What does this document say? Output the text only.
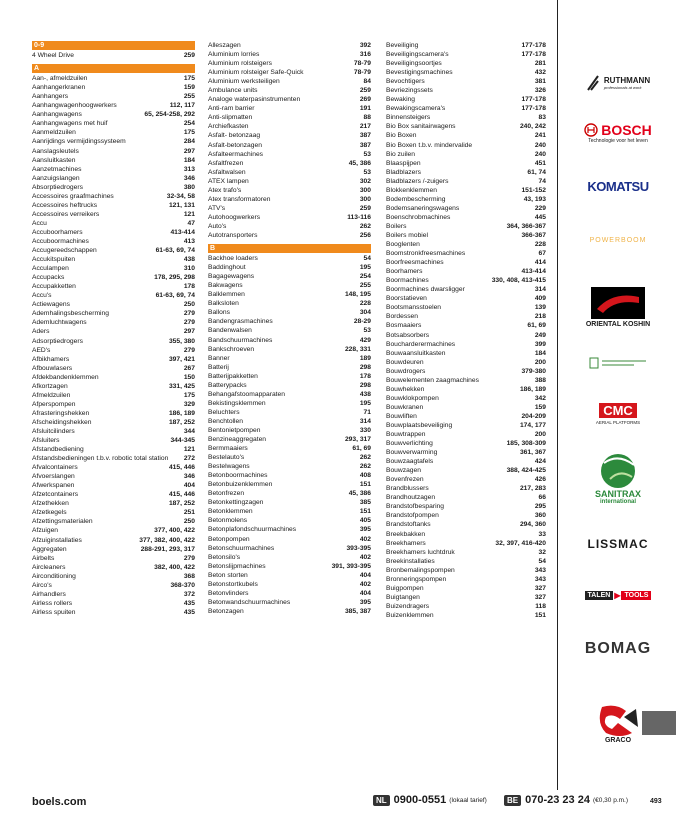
0-9
4 Wheel Drive	259
A
Aan-, afmeldzuilen	175
Aanhangerkranen	159
Aanhangers	255
Aanhangwagenhoogwerkers	112, 117
Aanhangwagens	65, 254-258, 292
Aanhangwagens met huif	254
Aanmeldzuilen	175
Aanrijdings vermijdingssysteem	284
Aanslagsleutels	297
Aansluitkasten	184
Aanzetmachines	313
Aanzuigslangen	346
Absorptiedrogers	380
Accessoires graafmachines	32-34, 58
Accessoires heftrucks	121, 131
Accessoires verreikers	121
Accu	47
Accuboorhamers	413-414
Accuboormachines	413
Accugereedschappen	61-63, 69, 74
Accukitspuiten	438
Acculampen	310
Accupacks	178, 295, 298
Accupakketten	178
Accu's	61-63, 69, 74
Actiewagens	250
Ademhalingsbescherming	279
Ademluchtwagens	279
Aders	297
Adsorptiedrogers	355, 380
AED's	279
Afbikhamers	397, 421
Afbouwlasers	267
Afdekbandenklemmen	150
Afkortzagen	331, 425
Afmeldzuilen	175
Afperspompen	329
Afrasteringshekken	186, 189
Afscheidingshekken	187, 252
Afsluitcilinders	344
Afsluiters	344-345
Afstandbediening	121
Afstandsbedieningen t.b.v. robotic total station	272
Afvalcontainers	415, 446
Afvoerslangen	346
Afwerkspanen	404
Afzetcontainers	415, 446
Afzethekken	187, 252
Afzetkegels	251
Afzettingsmaterialen	250
Afzuigen	377, 400, 422
Afzuiginstallaties	377, 382, 400, 422
Aggregaten	288-291, 293, 317
Airbelts	279
Aircleaners	382, 400, 422
Airconditioning	368
Airco's	368-370
Airhandlers	372
Airless rollers	435
Airless spuiten	435
Alleszagen	392
Aluminium lorries	316
Aluminium rolsteigers	78-79
Aluminium rolsteiger Safe-Quick	78-79
Aluminium werksteiligen	84
Ambulance units	259
Analoge waterpasinstrumenten	269
Anti-ram barrier	191
Anti-slipmatten	88
Archiefkasten	217
Asfalt- betonzaag	387
Asfalt-betonzagen	387
Asfalteermachines	53
Asfaltfrezen	45, 386
Asfaltwalsen	53
ATEX lampen	302
Atex trafo's	300
Atex transformatoren	300
ATV's	259
Autohoogwerkers	113-116
Auto's	262
Autotransporters	256
B
Backhoe loaders	54
Baddinghout	195
Bagagewagens	254
Bakwagens	255
Balklemmen	148, 195
Balksloten	228
Ballons	304
Bandengrasmachines	28-29
Bandenwalsen	53
Bandschuurmachines	429
Bankschroeven	228, 331
Banner	189
Batterij	298
Batterijpakketten	178
Batterypacks	298
Behangafstoomapparaten	438
Bekistingsklemmen	195
Beluchters	71
Benchtollen	314
Bentonietpompen	330
Benzineaggregaten	293, 317
Bermmaaiers	61, 69
Bestelauto's	262
Bestelwagens	262
Betonboormachines	408
Betonbuizenklemmen	151
Betonfrezen	45, 386
Betonkettingzagen	385
Betonklemmen	151
Betonmolens	405
Betonplafondschuurmachines	395
Betonpompen	402
Betonschuurmachines	393-395
Betonsilo's	402
Betonslijpmachines	391, 393-395
Beton storten	404
Betonstortkubels	402
Betonvlinders	404
Betonwandschuurmachines	395
Betonzagen	385, 387
Beveiliging	177-178
Beveiligingscamera's	177-178
Beveiligingsoortjes	281
Bevestigingsmachines	432
Bevochtigers	381
Bevriezingssets	326
Bewaking	177-178
Bewakingscamera's	177-178
Binnensteigers	83
Bio Box sanitairwagens	240, 242
Bio Boxen	241
Bio Boxen t.b.v. mindervalide	240
Bio zuilen	240
Blaaspijpen	451
Bladblazers	61, 74
Bladblazers /-zuigers	74
Blokkenklemmen	151-152
Bodembescherming	43, 193
Bodemsaneringswagens	229
Boenschrobmachines	445
Boilers	364, 366-367
Boilers mobiel	366-367
Booglenten	228
Boomstronkfreesmachines	67
Boorfreesmachines	414
Boorhamers	413-414
Boormachines	330, 408, 413-415
Boormachines dwarsligger	314
Boorstatieven	409
Bootsmansstoelen	139
Bordessen	218
Bosmaaiers	61, 69
Botsabsorbers	249
Boucharderermachines	399
Bouwaansluitkasten	184
Bouwdeuren	200
Bouwdrogers	379-380
Bouwelementen zaagmachines	388
Bouwhekken	186, 189
Bouwklokpompen	342
Bouwkranen	159
Bouwliften	204-209
Bouwplaatsbeveiliging	174, 177
Bouwtrappen	200
Bouwverlichting	185, 308-309
Bouwverwarming	361, 367
Bouwzaagtafels	424
Bouwzagen	388, 424-425
Bovenfrezen	426
Brandblussers	217, 283
Brandhoutzagen	66
Brandstofbesparing	295
Brandstofpompen	360
Brandstoftanks	294, 360
Breekbakken	33
Breekhamers	32, 397, 416-420
Breekhamers luchtdruk	32
Breekinstallaties	54
Bronbemalingspompen	343
Bronneringspompen	343
Buigpompen	327
Buigtangen	327
Buizendragers	118
Buizenklemmen	151
RUTHMANN
professionals at work
BOSCH
Technologie voor het leven
KOMATSU
POWERBOOM
ORIENTAL KOSHIN
CMC
AERIAL PLATFORMS
SANITRAX
international
LISSMAC
TALEN ▶ TOOLS
BOMAG
GRACO
boels.com	NL 0900-0551 (lokaal tarief)	BE 070-23 23 24 (€0,30 p.m.)	493
